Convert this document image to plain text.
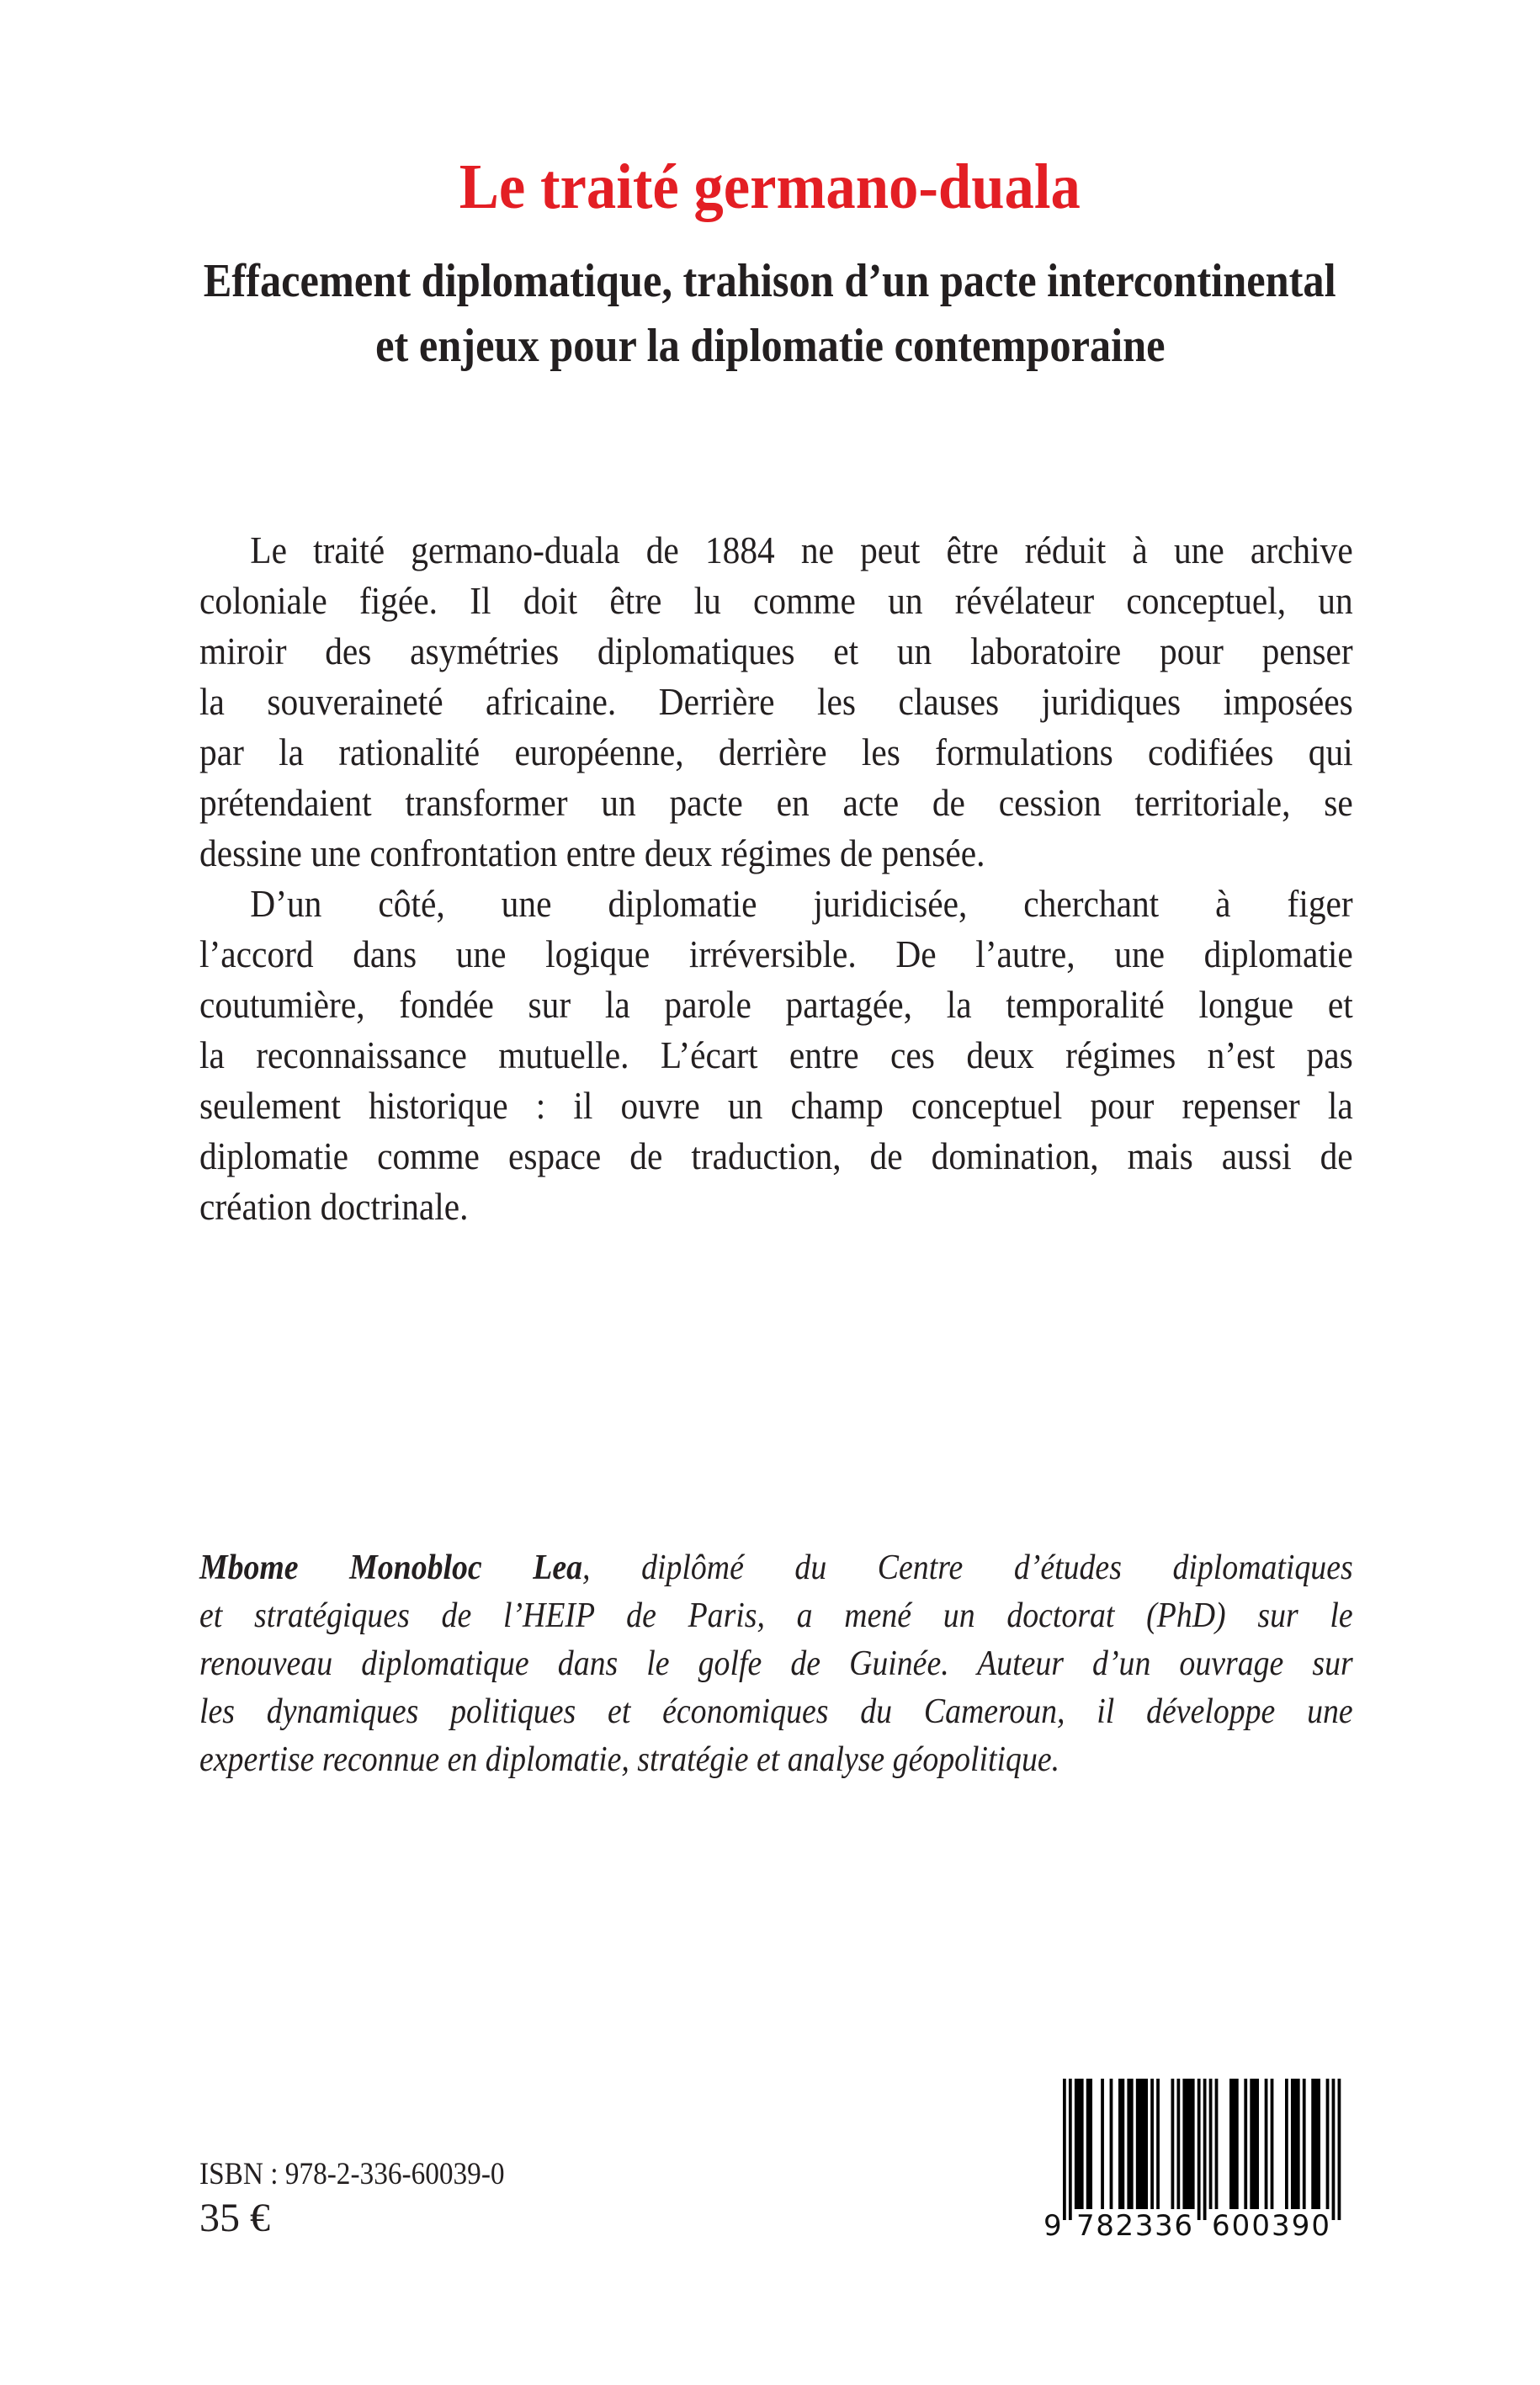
Le traité germano-duala
Effacement diplomatique, trahison d’un pacte intercontinental
et enjeux pour la diplomatie contemporaine
Le traité germano-duala de 1884 ne peut être réduit à une archive
coloniale figée. Il doit être lu comme un révélateur conceptuel, un
miroir des asymétries diplomatiques et un laboratoire pour penser
la souveraineté africaine. Derrière les clauses juridiques imposées
par la rationalité européenne, derrière les formulations codifiées qui
prétendaient transformer un pacte en acte de cession territoriale, se
dessine une confrontation entre deux régimes de pensée.
D’un côté, une diplomatie juridicisée, cherchant à figer
l’accord dans une logique irréversible. De l’autre, une diplomatie
coutumière, fondée sur la parole partagée, la temporalité longue et
la reconnaissance mutuelle. L’écart entre ces deux régimes n’est pas
seulement historique : il ouvre un champ conceptuel pour repenser la
diplomatie comme espace de traduction, de domination, mais aussi de
création doctrinale.
Mbome Monobloc Lea, diplômé du Centre d’études diplomatiques
et stratégiques de l’HEIP de Paris, a mené un doctorat (PhD) sur le
renouveau diplomatique dans le golfe de Guinée. Auteur d’un ouvrage sur
les dynamiques politiques et économiques du Cameroun, il développe une
expertise reconnue en diplomatie, stratégie et analyse géopolitique.
ISBN : 978-2-336-60039-0
35 €	9 782336 600390
